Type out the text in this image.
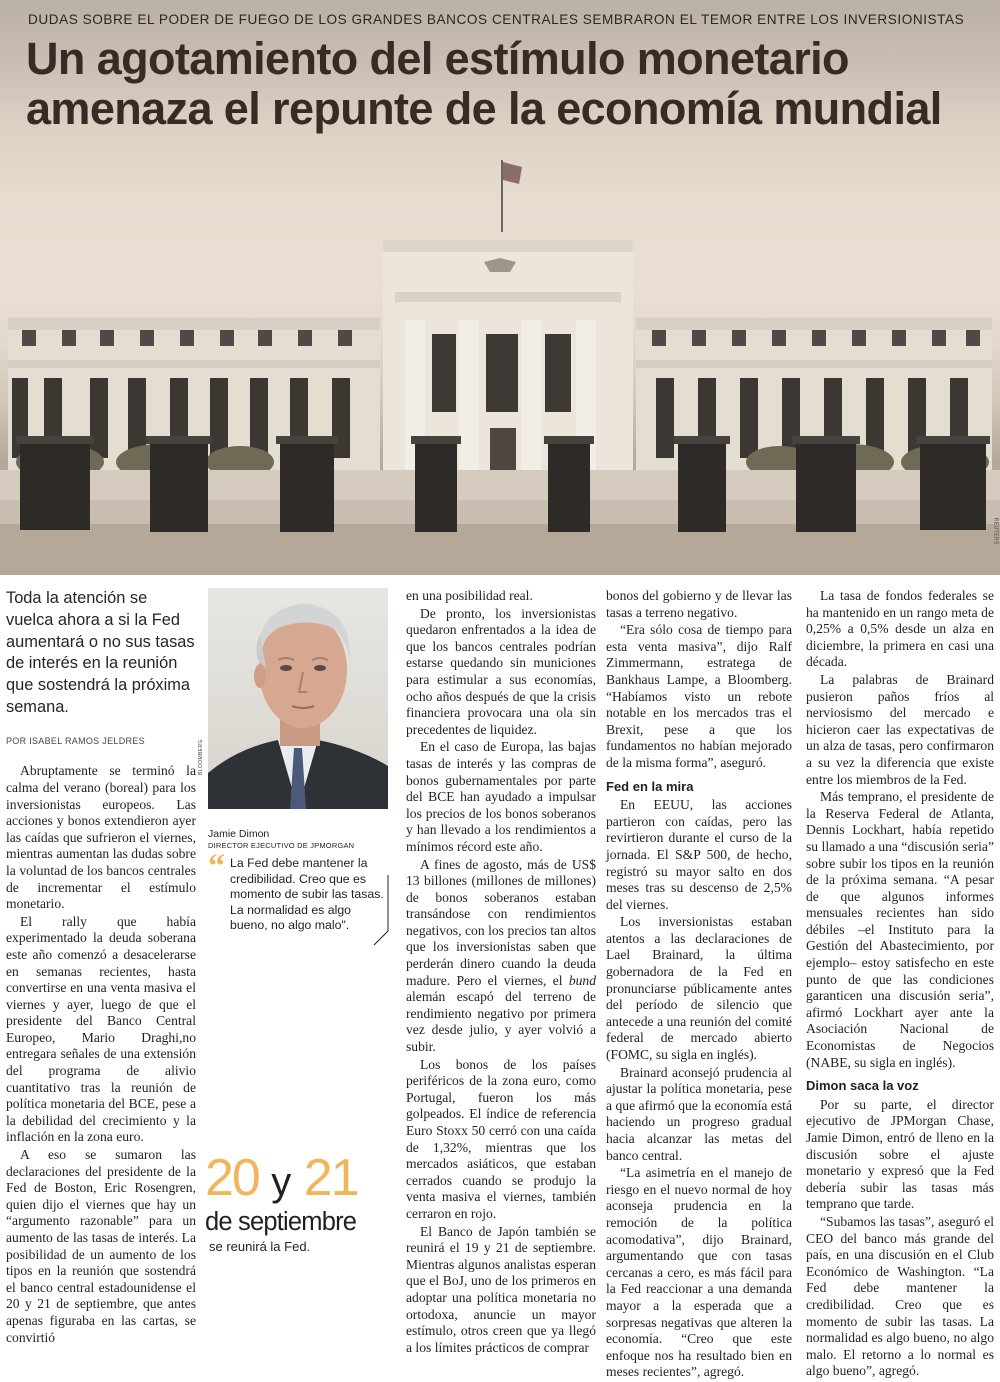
DUDAS SOBRE EL PODER DE FUEGO DE LOS GRANDES BANCOS CENTRALES SEMBRARON EL TEMOR ENTRE LOS INVERSIONISTAS
Un agotamiento del estímulo monetario
amenaza el repunte de la economía mundial
REUTERS
Toda la atención se vuelca ahora a si la Fed aumentará o no sus tasas de interés en la reunión que sostendrá la próxima semana.
POR ISABEL RAMOS JELDRES

Abruptamente se terminó la calma del verano (boreal) para los inversionistas europeos. Las acciones y bonos extendieron ayer las caídas que sufrieron el viernes, mientras aumentan las dudas sobre la voluntad de los bancos centrales de incrementar el estímulo monetario.

El rally que había experimentado la deuda soberana este año comenzó a desacelerarse en semanas recientes, hasta convertirse en una venta masiva el viernes y ayer, luego de que el presidente del Banco Central Europeo, Mario Draghi,no entregara señales de una extensión del programa de alivio cuantitativo tras la reunión de política monetaria del BCE, pese a la debilidad del crecimiento y la inflación en la zona euro.

A eso se sumaron las declaraciones del presidente de la Fed de Boston, Eric Rosengren, quien dijo el viernes que hay un “argumento razonable” para un aumento de las tasas de interés. La posibilidad de un aumento de los tipos en la reunión que sostendrá el banco central estadounidense el 20 y 21 de septiembre, que antes apenas figuraba en las cartas, se convirtió

BLOOMBERG
Jamie Dimon
DIRECTOR EJECUTIVO DE JPMORGAN
“ La Fed debe mantener la credibilidad. Creo que es momento de subir las tasas. La normalidad es algo bueno, no algo malo".
20 y 21
de septiembre
se reunirá la Fed.

en una posibilidad real.

De pronto, los inversionistas quedaron enfrentados a la idea de que los bancos centrales podrían estarse quedando sin municiones para estimular a sus economías, ocho años después de que la crisis financiera provocara una ola sin precedentes de liquidez.

En el caso de Europa, las bajas tasas de interés y las compras de bonos gubernamentales por parte del BCE han ayudado a impulsar los precios de los bonos soberanos y han llevado a los rendimientos a mínimos récord este año.

A fines de agosto, más de US$ 13 billones (millones de millones) de bonos soberanos estaban transándose con rendimientos negativos, con los precios tan altos que los inversionistas saben que perderán dinero cuando la deuda madure. Pero el viernes, el bund alemán escapó del terreno de rendimiento negativo por primera vez desde julio, y ayer volvió a subir.

Los bonos de los países periféricos de la zona euro, como Portugal, fueron los más golpeados. El índice de referencia Euro Stoxx 50 cerró con una caída de 1,32%, mientras que los mercados asiáticos, que estaban cerrados cuando se produjo la venta masiva el viernes, también cerraron en rojo.

El Banco de Japón también se reunirá el 19 y 21 de septiembre. Mientras algunos analistas esperan que el BoJ, uno de los primeros en adoptar una política monetaria no ortodoxa, anuncie un mayor estímulo, otros creen que ya llegó a los límites prácticos de comprar

bonos del gobierno y de llevar las tasas a terreno negativo.

“Era sólo cosa de tiempo para esta venta masiva”, dijo Ralf Zimmermann, estratega de Bankhaus Lampe, a Bloomberg. “Habíamos visto un rebote notable en los mercados tras el Brexit, pese a que los fundamentos no habían mejorado de la misma forma”, aseguró.

Fed en la mira

En EEUU, las acciones partieron con caídas, pero las revirtieron durante el curso de la jornada. El S&P 500, de hecho, registró su mayor salto en dos meses tras su descenso de 2,5% del viernes.

Los inversionistas estaban atentos a las declaraciones de Lael Brainard, la última gobernadora de la Fed en pronunciarse públicamente antes del período de silencio que antecede a una reunión del comité federal de mercado abierto (FOMC, su sigla en inglés).

Brainard aconsejó prudencia al ajustar la política monetaria, pese a que afirmó que la economía está haciendo un progreso gradual hacia alcanzar las metas del banco central.

“La asimetría en el manejo de riesgo en el nuevo normal de hoy aconseja prudencia en la remoción de la política acomodativa”, dijo Brainard, argumentando que con tasas cercanas a cero, es más fácil para la Fed reaccionar a una demanda mayor a la esperada que a sorpresas negativas que alteren la economía. “Creo que este enfoque nos ha resultado bien en meses recientes”, agregó.

La tasa de fondos federales se ha mantenido en un rango meta de 0,25% a 0,5% desde un alza en diciembre, la primera en casi una década.

La palabras de Brainard pusieron paños fríos al nerviosismo del mercado e hicieron caer las expectativas de un alza de tasas, pero confirmaron a su vez la diferencia que existe entre los miembros de la Fed.

Más temprano, el presidente de la Reserva Federal de Atlanta, Dennis Lockhart, había repetido su llamado a una “discusión seria” sobre subir los tipos en la reunión de la próxima semana. “A pesar de que algunos informes mensuales recientes han sido débiles –el Instituto para la Gestión del Abastecimiento, por ejemplo– estoy satisfecho en este punto de que las condiciones garanticen una discusión seria”, afirmó Lockhart ayer ante la Asociación Nacional de Economistas de Negocios (NABE, su sigla en inglés).

Dimon saca la voz

Por su parte, el director ejecutivo de JPMorgan Chase, Jamie Dimon, entró de lleno en la discusión sobre el ajuste monetario y expresó que la Fed debería subir las tasas más temprano que tarde.

“Subamos las tasas”, aseguró el CEO del banco más grande del país, en una discusión en el Club Económico de Washington. “La Fed debe mantener la credibilidad. Creo que es momento de subir las tasas. La normalidad es algo bueno, no algo malo. El retorno a lo normal es algo bueno”, agregó.
